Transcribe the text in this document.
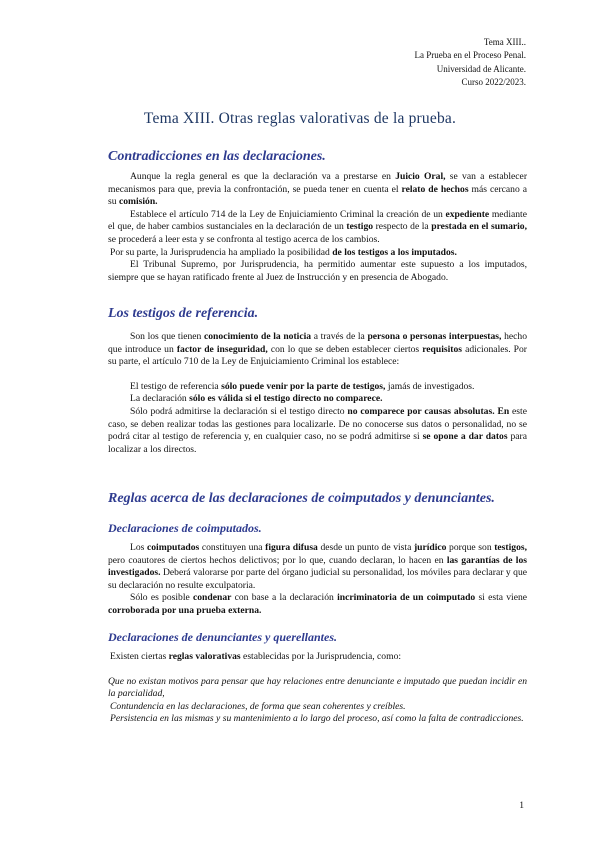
Tema XIII..
La Prueba en el Proceso Penal.
Universidad de Alicante.
Curso 2022/2023.
Tema XIII. Otras reglas valorativas de la prueba.
Contradicciones en las declaraciones.

Aunque la regla general es que la declaración va a prestarse en Juicio Oral, se van a establecer mecanismos para que, previa la confrontación, se pueda tener en cuenta el relato de hechos más cercano a su comisión.

Establece el artículo 714 de la Ley de Enjuiciamiento Criminal la creación de un expediente mediante el que, de haber cambios sustanciales en la declaración de un testigo respecto de la prestada en el sumario, se procederá a leer esta y se confronta al testigo acerca de los cambios.

Por su parte, la Jurisprudencia ha ampliado la posibilidad de los testigos a los imputados.

El Tribunal Supremo, por Jurisprudencia, ha permitido aumentar este supuesto a los imputados, siempre que se hayan ratificado frente al Juez de Instrucción y en presencia de Abogado.

Los testigos de referencia.

Son los que tienen conocimiento de la noticia a través de la persona o personas interpuestas, hecho que introduce un factor de inseguridad, con lo que se deben establecer ciertos requisitos adicionales. Por su parte, el artículo 710 de la Ley de Enjuiciamiento Criminal los establece:

El testigo de referencia sólo puede venir por la parte de testigos, jamás de investigados.

La declaración sólo es válida si el testigo directo no comparece.

Sólo podrá admitirse la declaración si el testigo directo no comparece por causas absolutas. En este caso, se deben realizar todas las gestiones para localizarle. De no conocerse sus datos o personalidad, no se podrá citar al testigo de referencia y, en cualquier caso, no se podrá admitirse si se opone a dar datos para localizar a los directos.

Reglas acerca de las declaraciones de coimputados y denunciantes.
Declaraciones de coimputados.

Los coimputados constituyen una figura difusa desde un punto de vista jurídico porque son testigos, pero coautores de ciertos hechos delictivos; por lo que, cuando declaran, lo hacen en las garantías de los investigados. Deberá valorarse por parte del órgano judicial su personalidad, los móviles para declarar y que su declaración no resulte exculpatoria.

Sólo es posible condenar con base a la declaración incriminatoria de un coimputado si esta viene corroborada por una prueba externa.

Declaraciones de denunciantes y querellantes.

Existen ciertas reglas valorativas establecidas por la Jurisprudencia, como:

Que no existan motivos para pensar que hay relaciones entre denunciante e imputado que puedan incidir en la parcialidad,

Contundencia en las declaraciones, de forma que sean coherentes y creíbles.

Persistencia en las mismas y su mantenimiento a lo largo del proceso, así como la falta de contradicciones.

1
